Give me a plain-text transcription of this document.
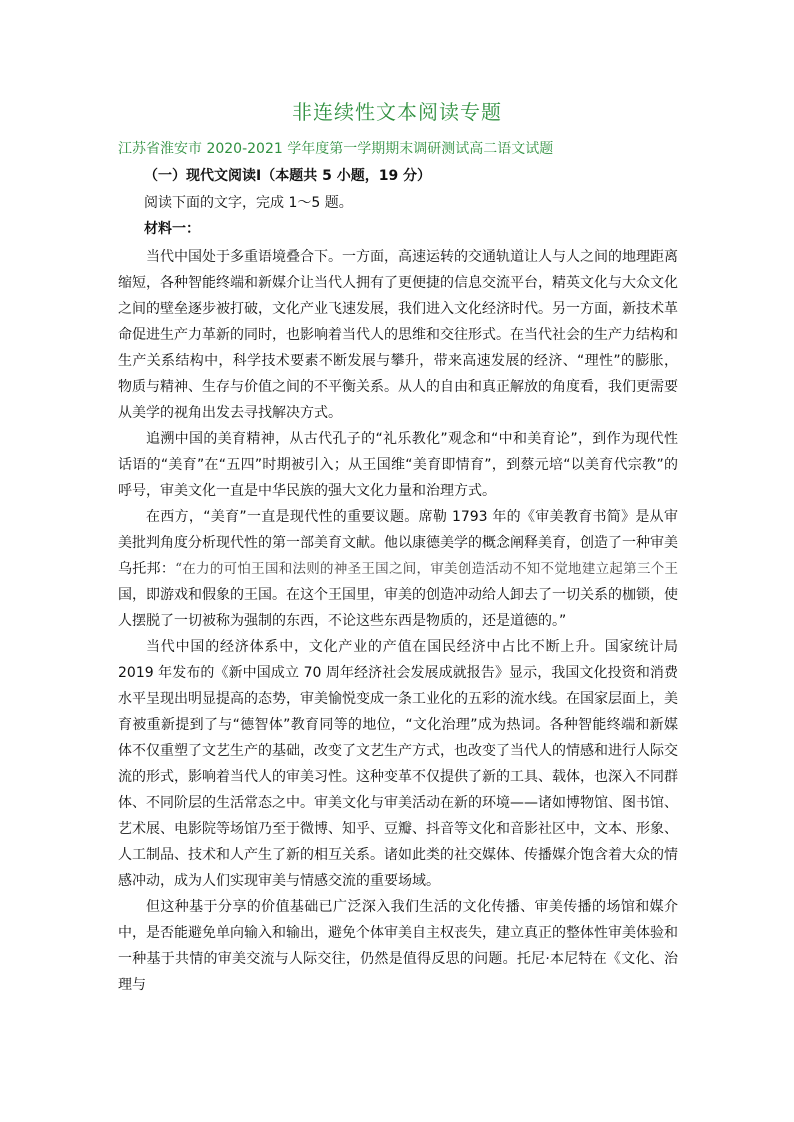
非连续性文本阅读专题
江苏省淮安市 2020-2021 学年度第一学期期末调研测试高二语文试题
（一）现代文阅读Ⅰ（本题共 5 小题，19 分）
阅读下面的文字，完成 1～5 题。
材料一：

当代中国处于多重语境叠合下。一方面，高速运转的交通轨道让人与人之间的地理距离缩短，各种智能终端和新媒介让当代人拥有了更便捷的信息交流平台，精英文化与大众文化之间的壁垒逐步被打破，文化产业飞速发展，我们进入文化经济时代。另一方面，新技术革命促进生产力革新的同时，也影响着当代人的思维和交往形式。在当代社会的生产力结构和生产关系结构中，科学技术要素不断发展与攀升，带来高速发展的经济、“理性”的膨胀，物质与精神、生存与价值之间的不平衡关系。从人的自由和真正解放的角度看，我们更需要从美学的视角出发去寻找解决方式。

追溯中国的美育精神，从古代孔子的“礼乐教化”观念和“中和美育论”，到作为现代性话语的“美育”在“五四”时期被引入；从王国维“美育即情育”，到蔡元培“以美育代宗教”的呼号，审美文化一直是中华民族的强大文化力量和治理方式。

在西方，“美育”一直是现代性的重要议题。席勒 1793 年的《审美教育书简》是从审美批判角度分析现代性的第一部美育文献。他以康德美学的概念阐释美育，创造了一种审美乌托邦：“在力的可怕王国和法则的神圣王国之间，审美创造活动不知不觉地建立起第三个王国，即游戏和假象的王国。在这个王国里，审美的创造冲动给人卸去了一切关系的枷锁，使人摆脱了一切被称为强制的东西，不论这些东西是物质的，还是道德的。”

当代中国的经济体系中，文化产业的产值在国民经济中占比不断上升。国家统计局 2019 年发布的《新中国成立 70 周年经济社会发展成就报告》显示，我国文化投资和消费水平呈现出明显提高的态势，审美愉悦变成一条工业化的五彩的流水线。在国家层面上，美育被重新提到了与“德智体”教育同等的地位，“文化治理”成为热词。各种智能终端和新媒体不仅重塑了文艺生产的基础，改变了文艺生产方式，也改变了当代人的情感和进行人际交流的形式，影响着当代人的审美习性。这种变革不仅提供了新的工具、载体，也深入不同群体、不同阶层的生活常态之中。审美文化与审美活动在新的环境——诸如博物馆、图书馆、艺术展、电影院等场馆乃至于微博、知乎、豆瓣、抖音等文化和音影社区中，文本、形象、人工制品、技术和人产生了新的相互关系。诸如此类的社交媒体、传播媒介饱含着大众的情感冲动，成为人们实现审美与情感交流的重要场域。

但这种基于分享的价值基础已广泛深入我们生活的文化传播、审美传播的场馆和媒介中，是否能避免单向输入和输出，避免个体审美自主权丧失，建立真正的整体性审美体验和一种基于共情的审美交流与人际交往，仍然是值得反思的问题。托尼·本尼特在《文化、治理与
